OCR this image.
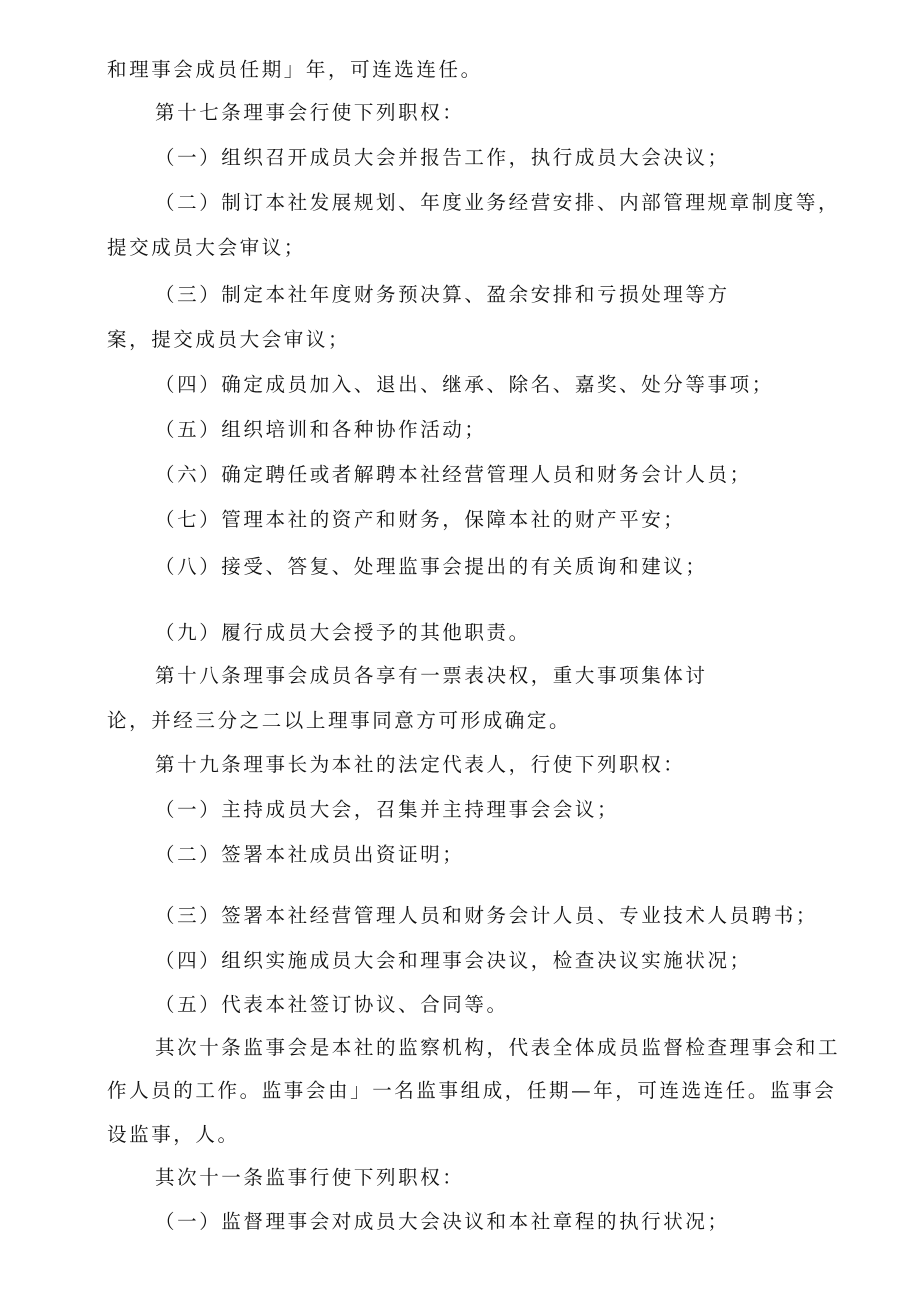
和理事会成员任期」年，可连选连任。
第十七条理事会行使下列职权：
（一）组织召开成员大会并报告工作，执行成员大会决议；
（二）制订本社发展规划、年度业务经营安排、内部管理规章制度等，
提交成员大会审议；
（三）制定本社年度财务预决算、盈余安排和亏损处理等方
案，提交成员大会审议；
（四）确定成员加入、退出、继承、除名、嘉奖、处分等事项；
（五）组织培训和各种协作活动；
（六）确定聘任或者解聘本社经营管理人员和财务会计人员；
（七）管理本社的资产和财务，保障本社的财产平安；
（八）接受、答复、处理监事会提出的有关质询和建议；
（九）履行成员大会授予的其他职责。
第十八条理事会成员各享有一票表决权，重大事项集体讨
论，并经三分之二以上理事同意方可形成确定。
第十九条理事长为本社的法定代表人，行使下列职权：
（一）主持成员大会，召集并主持理事会会议；
（二）签署本社成员出资证明；
（三）签署本社经营管理人员和财务会计人员、专业技术人员聘书；
（四）组织实施成员大会和理事会决议，检查决议实施状况；
（五）代表本社签订协议、合同等。
其次十条监事会是本社的监察机构，代表全体成员监督检查理事会和工
作人员的工作。监事会由」一名监事组成，任期—年，可连选连任。监事会
设监事，人。
其次十一条监事行使下列职权：
（一）监督理事会对成员大会决议和本社章程的执行状况；
